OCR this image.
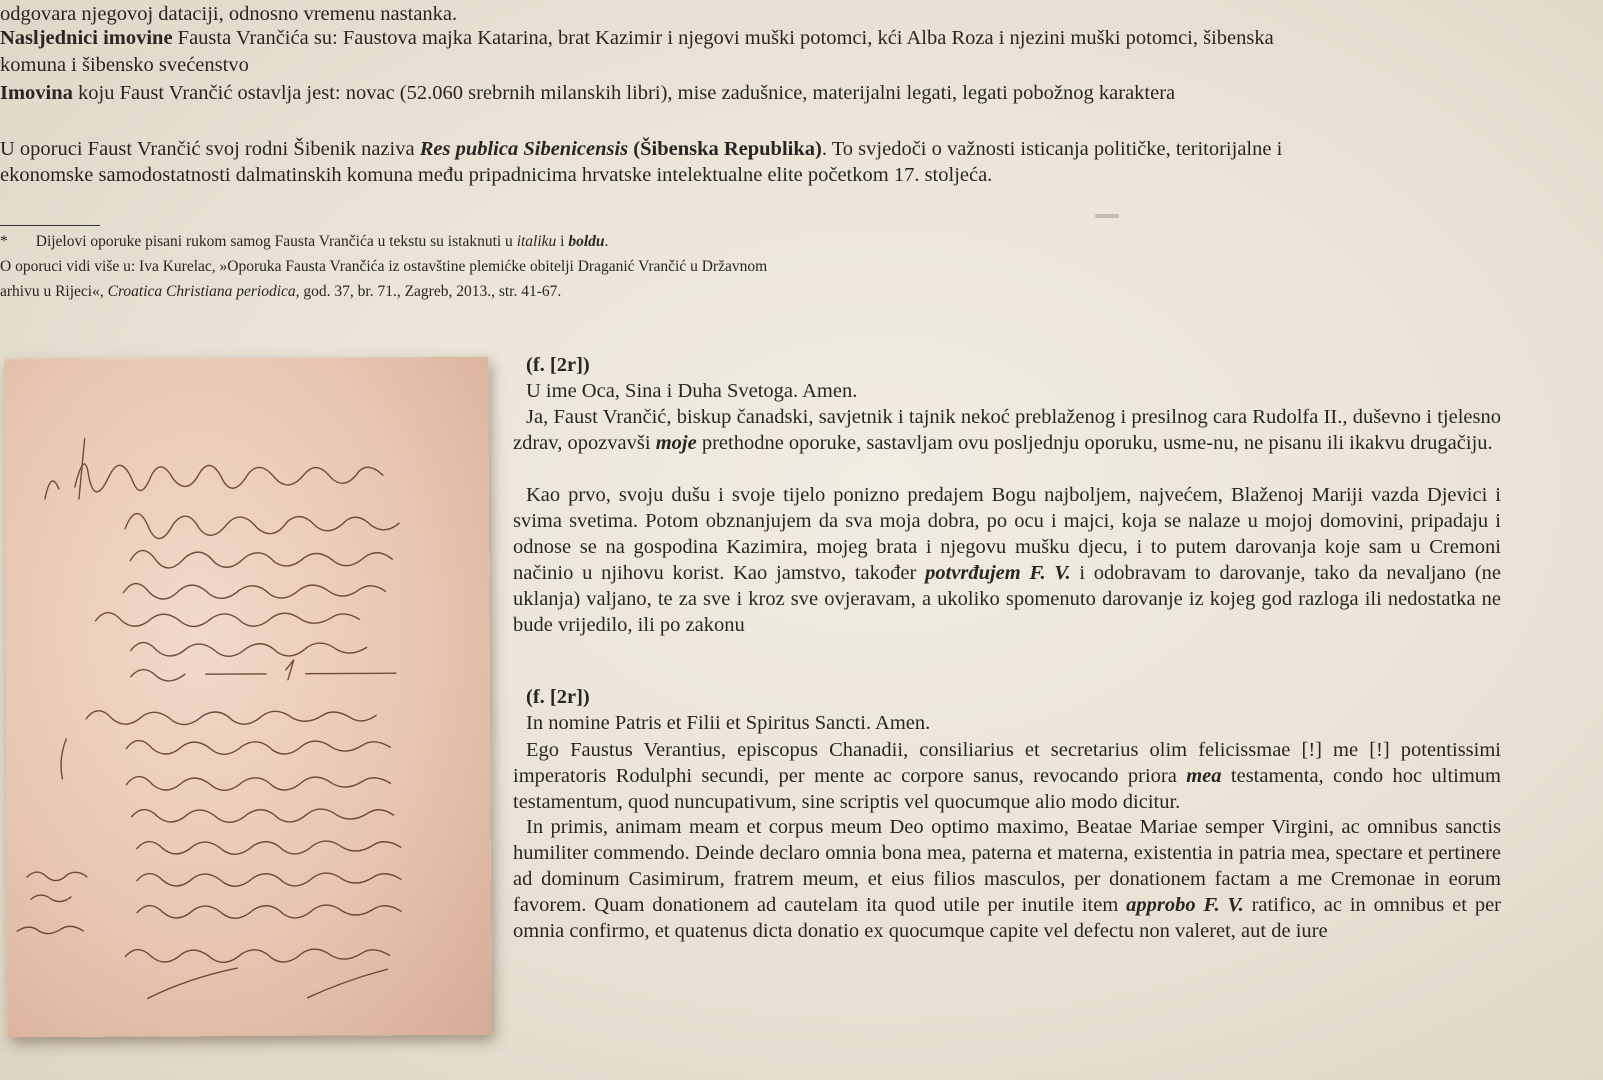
odgovara njegovoj dataciji, odnosno vremenu nastanka.

Nasljednici imovine Fausta Vrančića su: Faustova majka Katarina, brat Kazimir i njegovi muški potomci, kći Alba Roza i njezini muški potomci, šibenska

komuna i šibensko svećenstvo

Imovina koju Faust Vrančić ostavlja jest: novac (52.060 srebrnih milanskih libri), mise zadušnice, materijalni legati, legati pobožnog karaktera

U oporuci Faust Vrančić svoj rodni Šibenik naziva Res publica Sibenicensis (Šibenska Republika). To svjedoči o važnosti isticanja političke, teritorijalne i

ekonomske samodostatnosti dalmatinskih komuna među pripadnicima hrvatske intelektualne elite početkom 17. stoljeća.

* Dijelovi oporuke pisani rukom samog Fausta Vrančića u tekstu su istaknuti u italiku i boldu.

O oporuci vidi više u: Iva Kurelac, »Oporuka Fausta Vrančića iz ostavštine plemićke obitelji Draganić Vrančić u Državnom

arhivu u Rijeci«, Croatica Christiana periodica, god. 37, br. 71., Zagreb, 2013., str. 41-67.

(f. [2r])

U ime Oca, Sina i Duha Svetoga. Amen.

Ja, Faust Vrančić, biskup čanadski, savjetnik i tajnik nekoć preblaženog i presilnog cara Rudolfa II., duševno i tjelesno zdrav, opozvavši moje prethodne oporuke, sastavljam ovu posljednju oporuku, usme-nu, ne pisanu ili ikakvu drugačiju.

Kao prvo, svoju dušu i svoje tijelo ponizno predajem Bogu najboljem, najvećem, Blaženoj Mariji vazda Djevici i svima svetima. Potom obznanjujem da sva moja dobra, po ocu i majci, koja se nalaze u mojoj domovini, pripadaju i odnose se na gospodina Kazimira, mojeg brata i njegovu mušku djecu, i to putem darovanja koje sam u Cremoni načinio u njihovu korist. Kao jamstvo, također potvrđujem F. V. i odobravam to darovanje, tako da nevaljano (ne uklanja) valjano, te za sve i kroz sve ovjeravam, a ukoliko spomenuto darovanje iz kojeg god razloga ili nedostatka ne bude vrijedilo, ili po zakonu

(f. [2r])

In nomine Patris et Filii et Spiritus Sancti. Amen.

Ego Faustus Verantius, episcopus Chanadii, consiliarius et secretarius olim felicissmae [!] me [!] potentissimi imperatoris Rodulphi secundi, per mente ac corpore sanus, revocando priora mea testamenta, condo hoc ultimum testamentum, quod nuncupativum, sine scriptis vel quocumque alio modo dicitur.

In primis, animam meam et corpus meum Deo optimo maximo, Beatae Mariae semper Virgini, ac omnibus sanctis humiliter commendo. Deinde declaro omnia bona mea, paterna et materna, existentia in patria mea, spectare et pertinere ad dominum Casimirum, fratrem meum, et eius filios masculos, per donationem factam a me Cremonae in eorum favorem. Quam donationem ad cautelam ita quod utile per inutile item approbo F. V. ratifico, ac in omnibus et per omnia confirmo, et quatenus dicta donatio ex quocumque capite vel defectu non valeret, aut de iure
